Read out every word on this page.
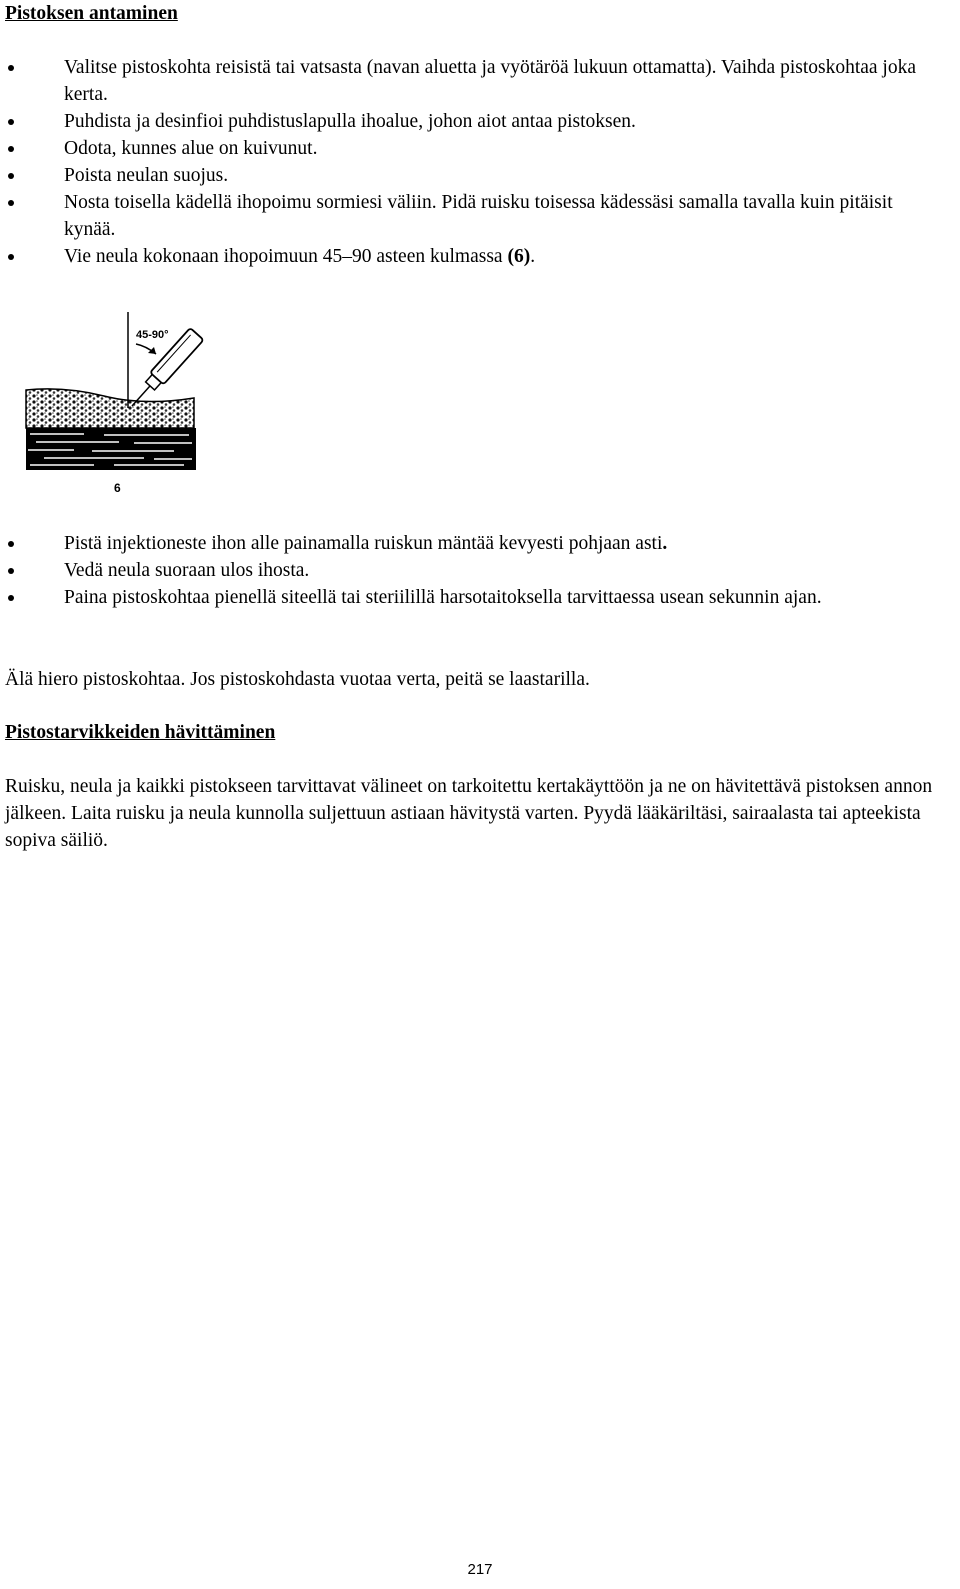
Pistoksen antaminen
Valitse pistoskohta reisistä tai vatsasta (navan aluetta ja vyötäröä lukuun ottamatta). Vaihda pistoskohtaa joka kerta.
Puhdista ja desinfioi puhdistuslapulla ihoalue, johon aiot antaa pistoksen.
Odota, kunnes alue on kuivunut.
Poista neulan suojus.
Nosta toisella kädellä ihopoimu sormiesi väliin. Pidä ruisku toisessa kädessäsi samalla tavalla kuin pitäisit kynää.
Vie neula kokonaan ihopoimuun 45–90 asteen kulmassa (6).
45-90°
6
Pistä injektioneste ihon alle painamalla ruiskun mäntää kevyesti pohjaan asti.
Vedä neula suoraan ulos ihosta.
Paina pistoskohtaa pienellä siteellä tai steriilillä harsotaitoksella tarvittaessa usean sekunnin ajan.

Älä hiero pistoskohtaa. Jos pistoskohdasta vuotaa verta, peitä se laastarilla.

Pistostarvikkeiden hävittäminen

Ruisku, neula ja kaikki pistokseen tarvittavat välineet on tarkoitettu kertakäyttöön ja ne on hävitettävä pistoksen annon jälkeen. Laita ruisku ja neula kunnolla suljettuun astiaan hävitystä varten. Pyydä lääkäriltäsi, sairaalasta tai apteekista sopiva säiliö.

217
